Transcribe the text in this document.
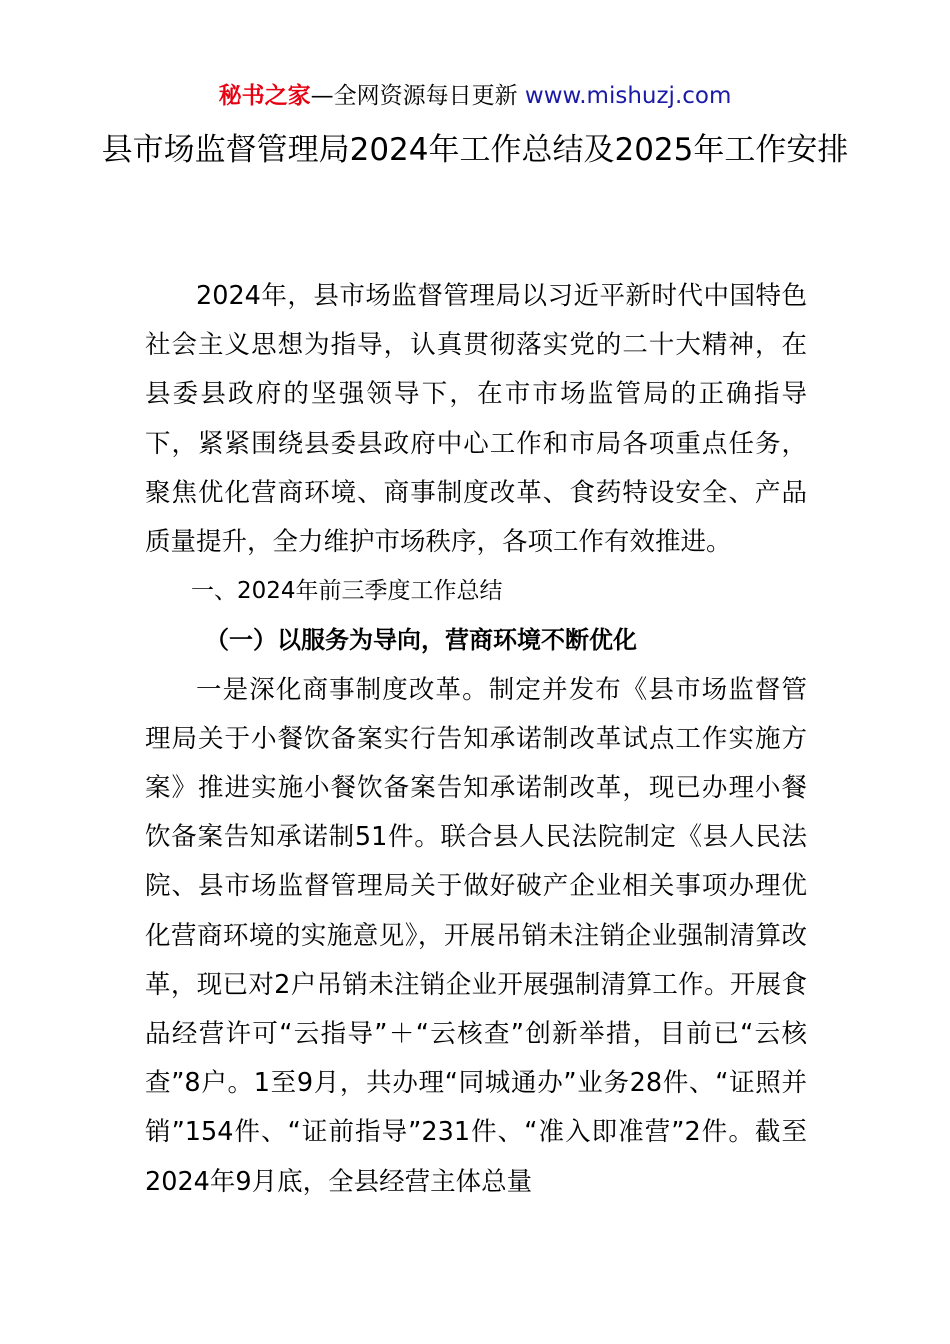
秘书之家—全网资源每日更新 www.mishuzj.com
县市场监督管理局2024年工作总结及2025年工作安排

2024年，县市场监督管理局以习近平新时代中国特色社会主义思想为指导，认真贯彻落实党的二十大精神，在县委县政府的坚强领导下，在市市场监管局的正确指导下，紧紧围绕县委县政府中心工作和市局各项重点任务，聚焦优化营商环境、商事制度改革、食药特设安全、产品质量提升，全力维护市场秩序，各项工作有效推进。

一、2024年前三季度工作总结

（一）以服务为导向，营商环境不断优化

一是深化商事制度改革。制定并发布《县市场监督管理局关于小餐饮备案实行告知承诺制改革试点工作实施方案》推进实施小餐饮备案告知承诺制改革，现已办理小餐饮备案告知承诺制51件。联合县人民法院制定《县人民法院、县市场监督管理局关于做好破产企业相关事项办理优化营商环境的实施意见》，开展吊销未注销企业强制清算改革，现已对2户吊销未注销企业开展强制清算工作。开展食品经营许可“云指导”＋“云核查”创新举措，目前已“云核查”8户。1至9月，共办理“同城通办”业务28件、“证照并销”154件、“证前指导”231件、“准入即准营”2件。截至2024年9月底，全县经营主体总量
